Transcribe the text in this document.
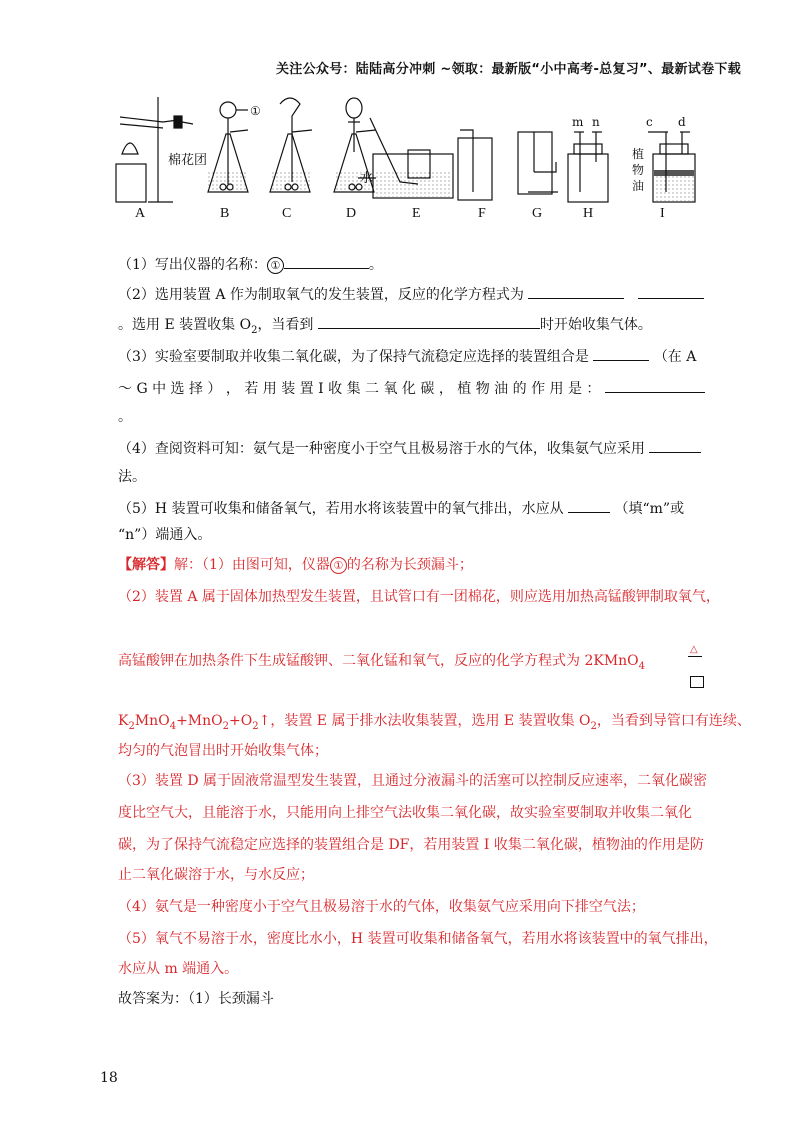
关注公众号：陆陆高分冲刺 ~领取：最新版“小中高考-总复习”、最新试卷下载
棉花团
①
水
m n	c d
植
物
油
A	B	C	D	E	F	G	H	I
（1）写出仪器的名称： ①	。
（2）选用装置 A 作为制取氧气的发生装置，反应的化学方程式为
。选用 E 装置收集 $O_2$，当看到	时开始收集气体。
（3）实验室要制取并收集二氧化碳，为了保持气流稳定应选择的装置组合是	（在 A
～ G 中 选 择 ） ， 若 用 装 置 I 收 集 二 氧 化 碳 ， 植 物 油 的 作 用 是 ：
。
（4）查阅资料可知：氨气是一种密度小于空气且极易溶于水的气体，收集氨气应采用
法。
（5）H 装置可收集和储备氧气，若用水将该装置中的氧气排出，水应从	（填“m”或
“n”）端通入。
【解答】解：（1）由图可知，仪器 ① 的名称为长颈漏斗；
（2）装置 A 属于固体加热型发生装置，且试管口有一团棉花，则应选用加热高锰酸钾制取氧气，
高锰酸钾在加热条件下生成锰酸钾、二氧化锰和氧气，反应的化学方程式为 2KMnO$_4$
△
$K_2MnO_4+MnO_2+O_2↑$，装置 E 属于排水法收集装置，选用 E 装置收集 $O_2$，当看到导管口有连续、
均匀的气泡冒出时开始收集气体；
（3）装置 D 属于固液常温型发生装置，且通过分液漏斗的活塞可以控制反应速率，二氧化碳密
度比空气大，且能溶于水，只能用向上排空气法收集二氧化碳，故实验室要制取并收集二氧化
碳，为了保持气流稳定应选择的装置组合是 DF，若用装置 I 收集二氧化碳，植物油的作用是防
止二氧化碳溶于水，与水反应；
（4）氨气是一种密度小于空气且极易溶于水的气体，收集氨气应采用向下排空气法；
（5）氧气不易溶于水，密度比水小，H 装置可收集和储备氧气，若用水将该装置中的氧气排出，
水应从 m 端通入。
故答案为：（1）长颈漏斗
18
